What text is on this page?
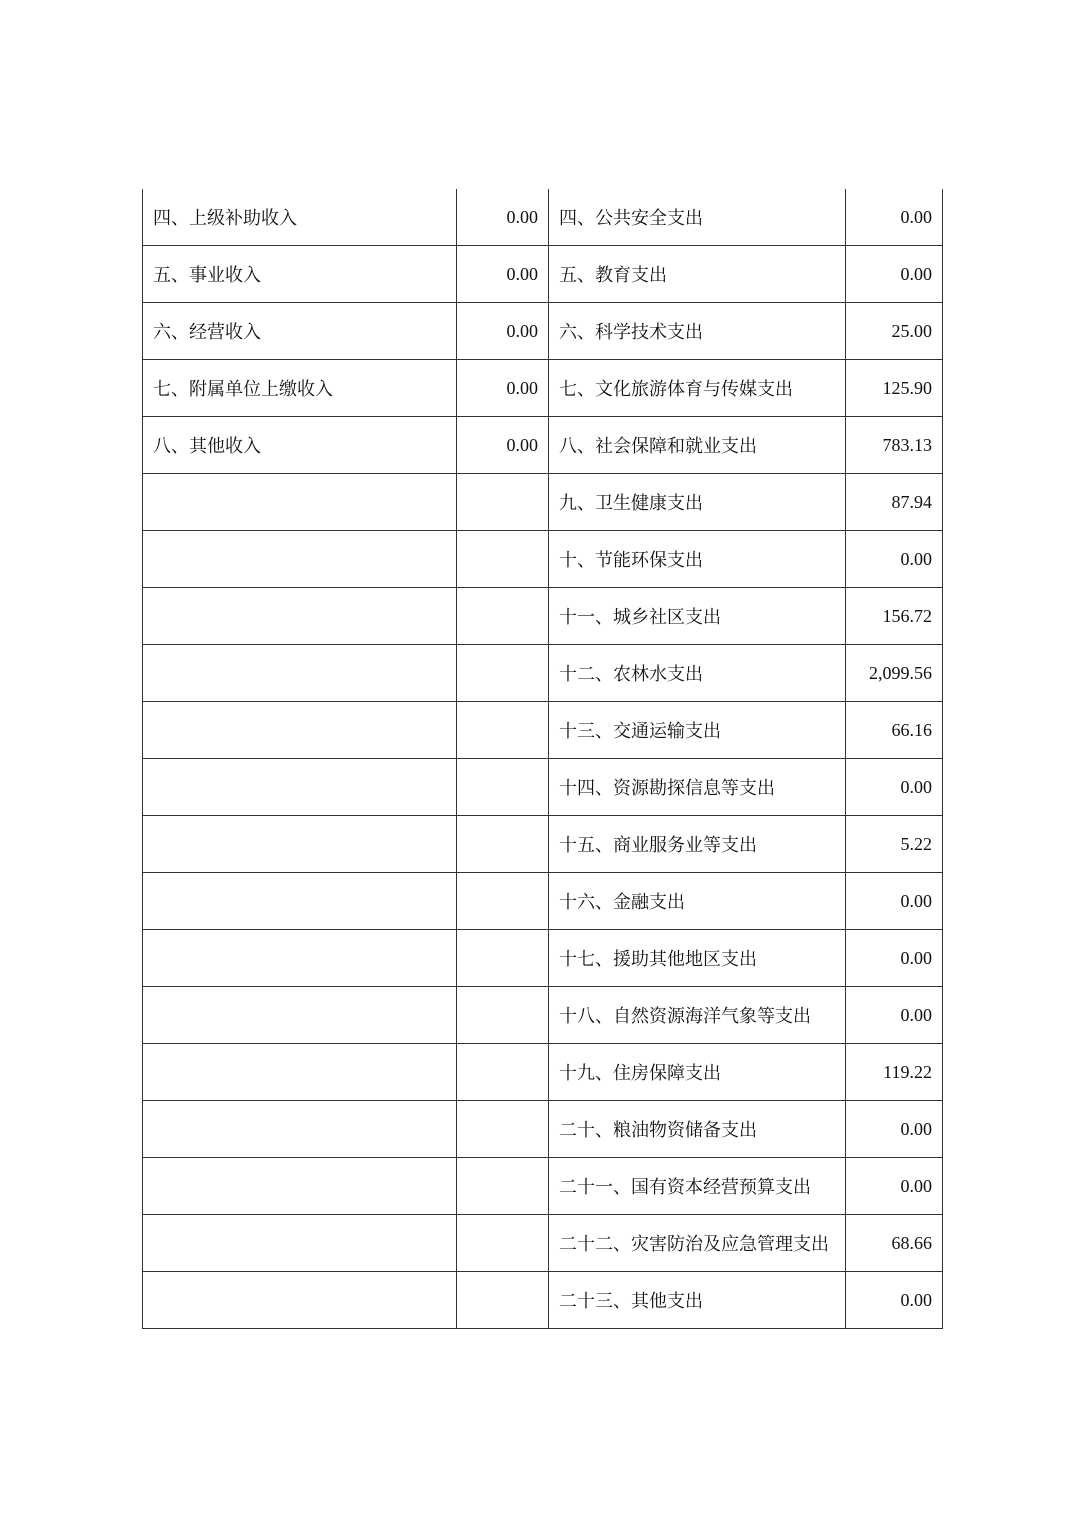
四、上级补助收入	0.00	四、公共安全支出	0.00
五、事业收入	0.00	五、教育支出	0.00
六、经营收入	0.00	六、科学技术支出	25.00
七、附属单位上缴收入	0.00	七、文化旅游体育与传媒支出	125.90
八、其他收入	0.00	八、社会保障和就业支出	783.13
		九、卫生健康支出	87.94
		十、节能环保支出	0.00
		十一、城乡社区支出	156.72
		十二、农林水支出	2,099.56
		十三、交通运输支出	66.16
		十四、资源勘探信息等支出	0.00
		十五、商业服务业等支出	5.22
		十六、金融支出	0.00
		十七、援助其他地区支出	0.00
		十八、自然资源海洋气象等支出	0.00
		十九、住房保障支出	119.22
		二十、粮油物资储备支出	0.00
		二十一、国有资本经营预算支出	0.00
		二十二、灾害防治及应急管理支出	68.66
		二十三、其他支出	0.00
